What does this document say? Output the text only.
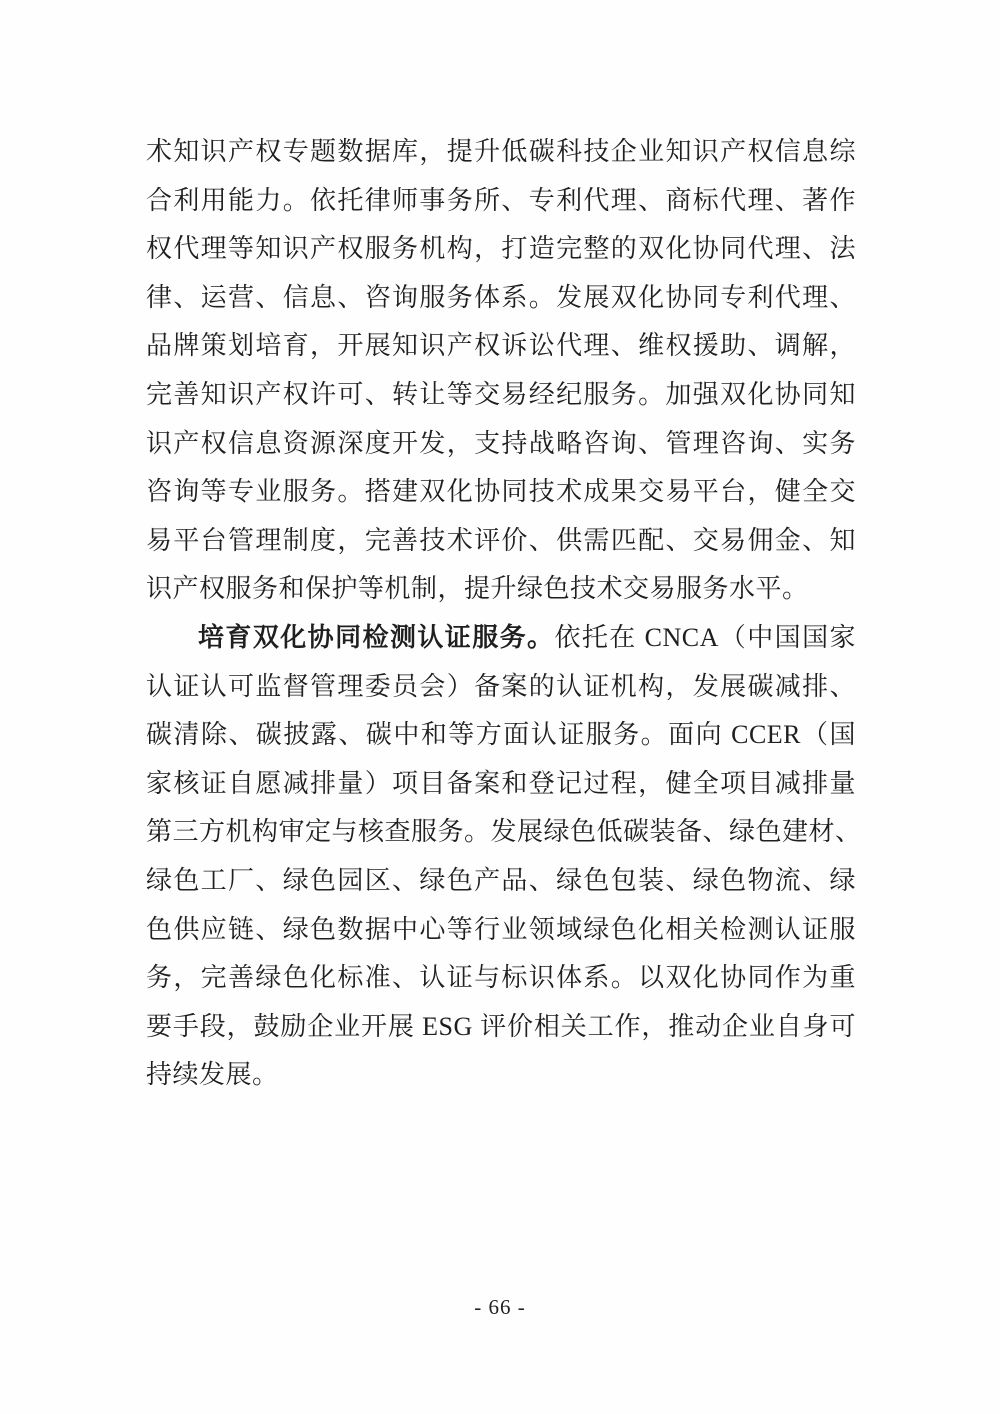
术知识产权专题数据库，提升低碳科技企业知识产权信息综
合利用能力。依托律师事务所、专利代理、商标代理、著作
权代理等知识产权服务机构，打造完整的双化协同代理、法
律、运营、信息、咨询服务体系。发展双化协同专利代理、
品牌策划培育，开展知识产权诉讼代理、维权援助、调解，
完善知识产权许可、转让等交易经纪服务。加强双化协同知
识产权信息资源深度开发，支持战略咨询、管理咨询、实务
咨询等专业服务。搭建双化协同技术成果交易平台，健全交
易平台管理制度，完善技术评价、供需匹配、交易佣金、知
识产权服务和保护等机制，提升绿色技术交易服务水平。
培育双化协同检测认证服务。依托在 CNCA（中国国家
认证认可监督管理委员会）备案的认证机构，发展碳减排、
碳清除、碳披露、碳中和等方面认证服务。面向 CCER（国
家核证自愿减排量）项目备案和登记过程，健全项目减排量
第三方机构审定与核查服务。发展绿色低碳装备、绿色建材、
绿色工厂、绿色园区、绿色产品、绿色包装、绿色物流、绿
色供应链、绿色数据中心等行业领域绿色化相关检测认证服
务，完善绿色化标准、认证与标识体系。以双化协同作为重
要手段，鼓励企业开展 ESG 评价相关工作，推动企业自身可
持续发展。
- 66 -
